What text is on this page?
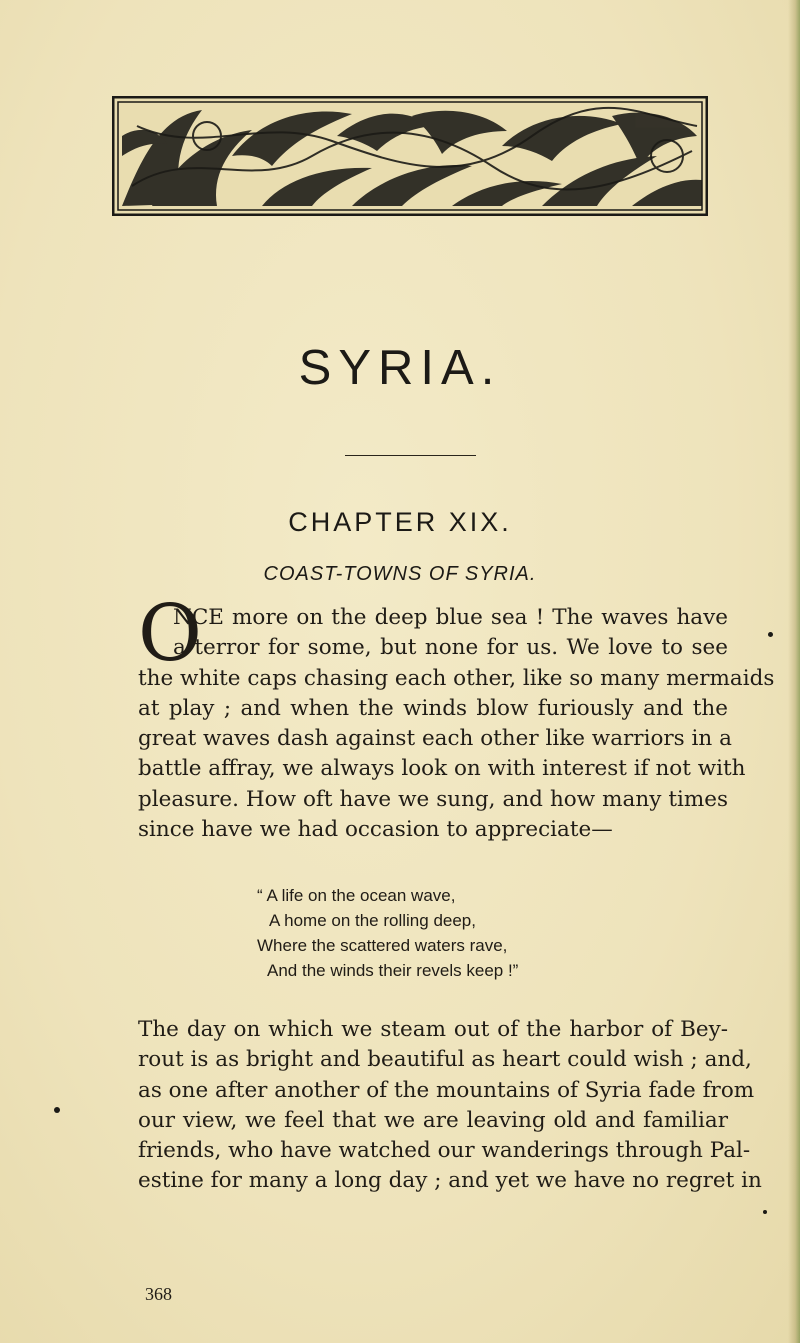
SYRIA.
CHAPTER XIX.
COAST-TOWNS OF SYRIA.
O
NCE more on the deep blue sea ! The waves have
a terror for some, but none for us. We love to see
the white caps chasing each other, like so many mermaids
at play ; and when the winds blow furiously and the
great waves dash against each other like warriors in a
battle affray, we always look on with interest if not with
pleasure. How oft have we sung, and how many times
since have we had occasion to appreciate—
“ A life on the ocean wave,
A home on the rolling deep,
Where the scattered waters rave,
And the winds their revels keep !”
The day on which we steam out of the harbor of Bey-
rout is as bright and beautiful as heart could wish ; and,
as one after another of the mountains of Syria fade from
our view, we feel that we are leaving old and familiar
friends, who have watched our wanderings through Pal-
estine for many a long day ; and yet we have no regret in
368
